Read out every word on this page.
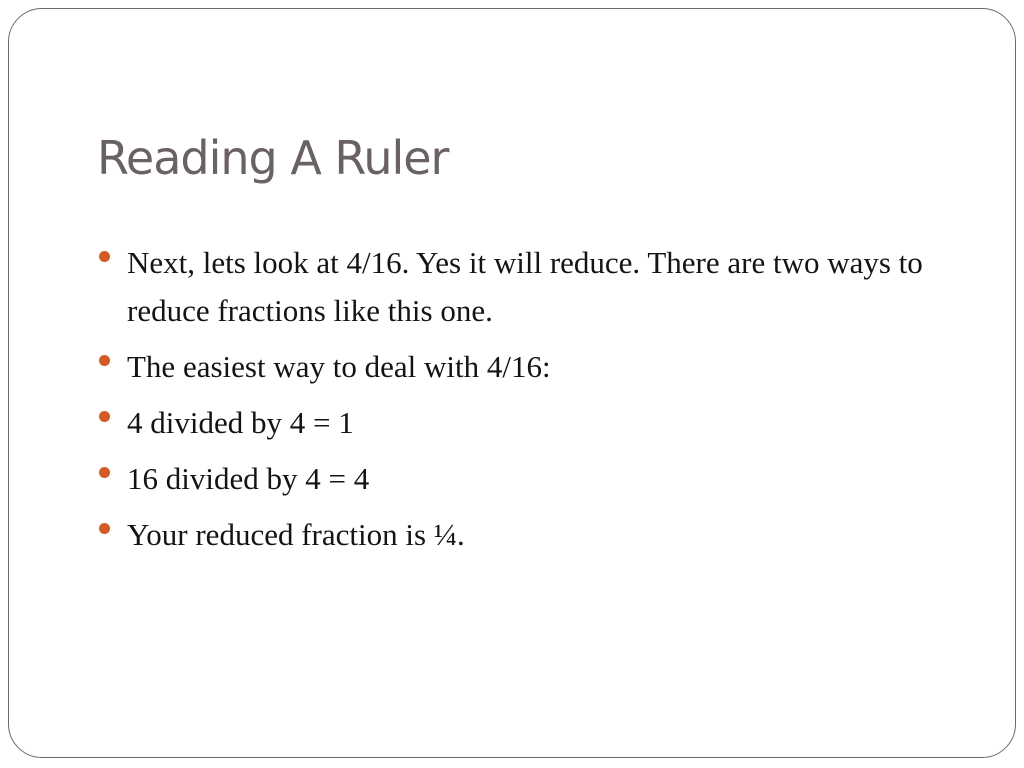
Reading A Ruler
Next, lets look at 4/16. Yes it will reduce. There are two ways to reduce fractions like this one.
The easiest way to deal with 4/16:
4 divided by 4 = 1
16 divided by 4 = 4
Your reduced fraction is ¼.
